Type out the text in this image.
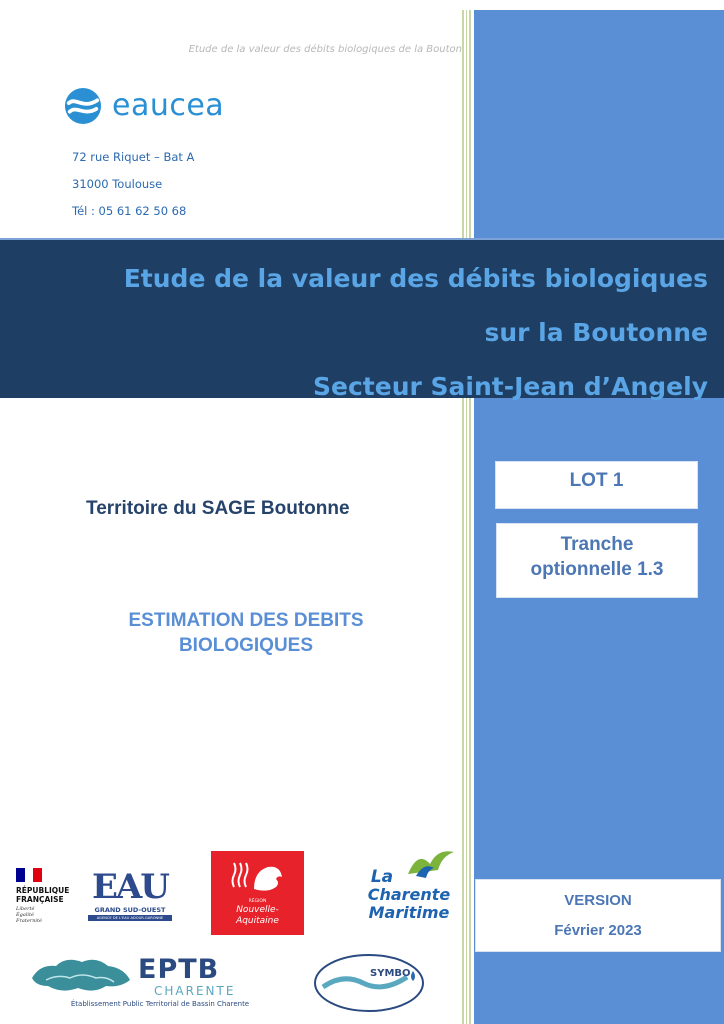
Etude de la valeur des débits biologiques de la Bouton
eaucea
72 rue Riquet – Bat A
31000 Toulouse
Tél : 05 61 62 50 68
Etude de la valeur des débits biologiques
sur la Boutonne
Secteur Saint-Jean d’Angely
Territoire du SAGE Boutonne
ESTIMATION DES DEBITS
BIOLOGIQUES
LOT 1
Tranche
optionnelle 1.3
VERSION
Février 2023
RÉPUBLIQUE
FRANÇAISE
Liberté Égalité Fraternité
EAU
GRAND SUD-OUEST
AGENCE DE L'EAU ADOUR-GARONNE
RÉGION
Nouvelle-
Aquitaine
La
Charente
Maritime
EPTB
CHARENTE
Établissement Public Territorial de Bassin Charente
SYMBO
